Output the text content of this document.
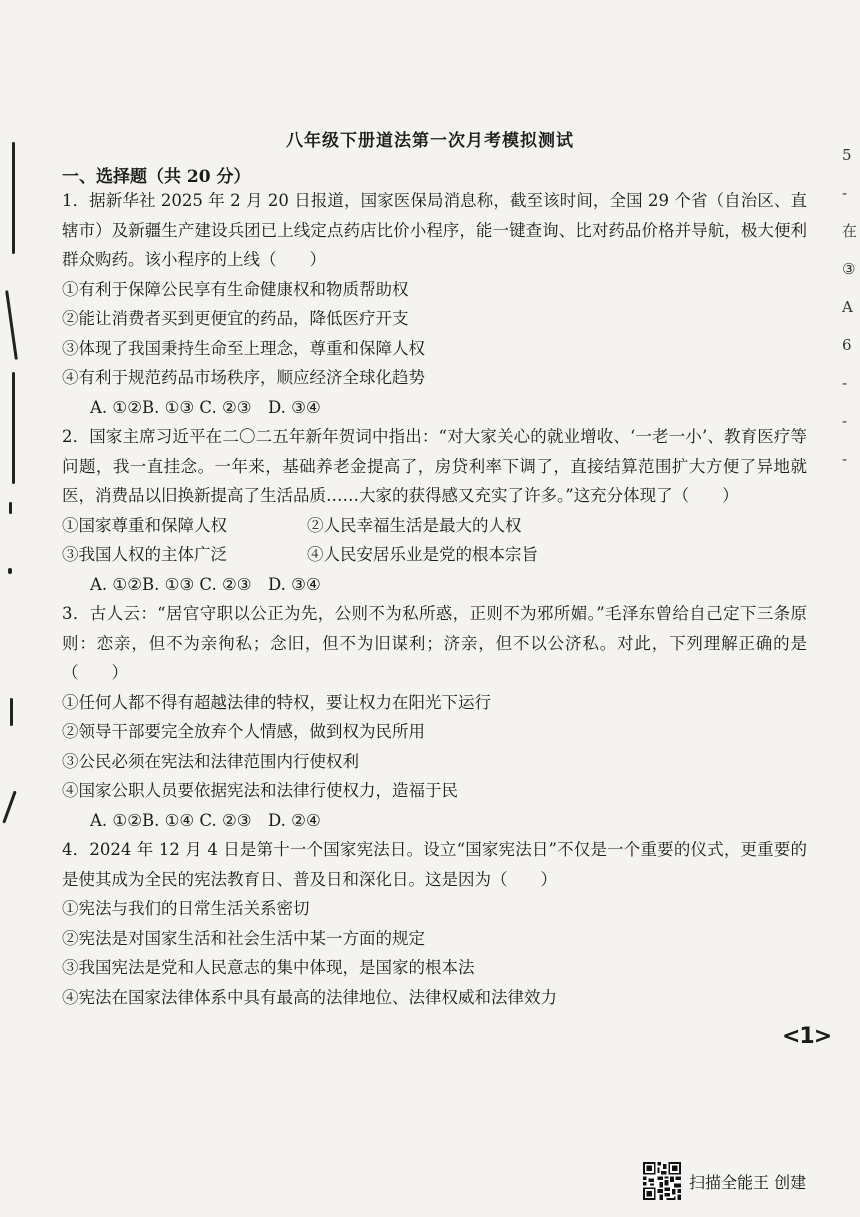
5
-
在
③
A
6
-
-
-
八年级下册道法第一次月考模拟测试
一、选择题（共 20 分）
1．据新华社 2025 年 2 月 20 日报道，国家医保局消息称，截至该时间，全国 29 个省（自治区、直辖市）及新疆生产建设兵团已上线定点药店比价小程序，能一键查询、比对药品价格并导航，极大便利群众购药。该小程序的上线（　　）
①有利于保障公民享有生命健康权和物质帮助权
②能让消费者买到更便宜的药品，降低医疗开支
③体现了我国秉持生命至上理念，尊重和保障人权
④有利于规范药品市场秩序，顺应经济全球化趋势
A. ①②B. ①③ C. ②③　D. ③④
2．国家主席习近平在二〇二五年新年贺词中指出：“对大家关心的就业增收、‘一老一小’、教育医疗等问题，我一直挂念。一年来，基础养老金提高了，房贷利率下调了，直接结算范围扩大方便了异地就医，消费品以旧换新提高了生活品质……大家的获得感又充实了许多。”这充分体现了（　　）
①国家尊重和保障人权	②人民幸福生活是最大的人权
③我国人权的主体广泛	④人民安居乐业是党的根本宗旨
A. ①②B. ①③ C. ②③　D. ③④
3．古人云：“居官守职以公正为先，公则不为私所惑，正则不为邪所媚。”毛泽东曾给自己定下三条原则：恋亲，但不为亲徇私；念旧，但不为旧谋利；济亲，但不以公济私。对此，下列理解正确的是（　　）
①任何人都不得有超越法律的特权，要让权力在阳光下运行
②领导干部要完全放弃个人情感，做到权为民所用
③公民必须在宪法和法律范围内行使权利
④国家公职人员要依据宪法和法律行使权力，造福于民
A. ①②B. ①④ C. ②③　D. ②④
4．2024 年 12 月 4 日是第十一个国家宪法日。设立“国家宪法日”不仅是一个重要的仪式，更重要的是使其成为全民的宪法教育日、普及日和深化日。这是因为（　　）
①宪法与我们的日常生活关系密切
②宪法是对国家生活和社会生活中某一方面的规定
③我国宪法是党和人民意志的集中体现，是国家的根本法
④宪法在国家法律体系中具有最高的法律地位、法律权威和法律效力
<1>
扫描全能王 创建
